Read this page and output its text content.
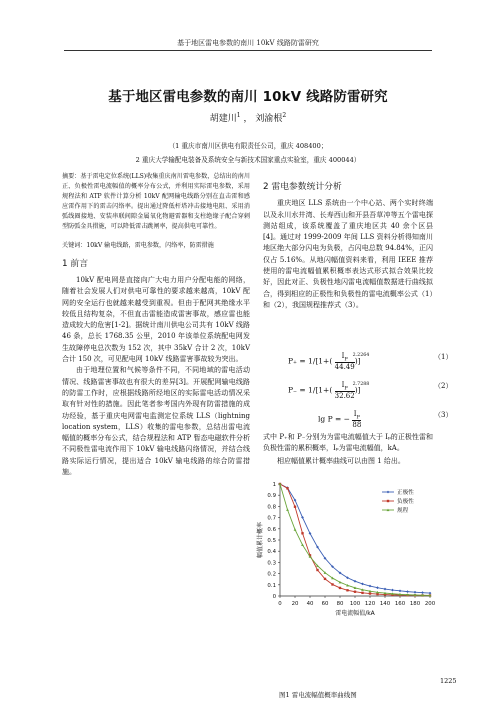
基于地区雷电参数的南川 10kV 线路防雷研究
基于地区雷电参数的南川 10kV 线路防雷研究
胡建川$^1$ ， 刘渝根$^2$
（1 重庆市南川区供电有限责任公司，重庆 408400；
2 重庆大学输配电装备及系统安全与新技术国家重点实验室，重庆 400044）

摘要：基于雷电定位系统(LLS)收集重庆南川雷电参数，总结出的南川正、负极性雷电流幅值的概率分布公式，并利用实际雷电参数，采用规程法和 ATP 软件计算分析 10kV 配网输电线路分别在直击雷和感应雷作用下的雷击闪络率。提出通过降低杆塔冲击接地电阻、采用消弧线圈接地、安装串联间隙金属氧化物避雷器和支柱绝缘子配合穿刺型防弧金具措施，可以降低雷击跳闸率，提高供电可靠性。

关键词：10kV 输电线路，雷电参数，闪络率，防雷措施

1 前言

10kV 配电网是直接向广大电力用户分配电能的网络，随着社会发展人们对供电可靠性的要求越来越高，10kV 配网的安全运行也就越来越受到重视。但由于配网其绝缘水平较低且结构复杂，不但直击雷能造成雷害事故，感应雷也能造成较大的危害[1-2]。据统计南川供电公司共有 10kV 线路 46 条，总长 1768.35 公里，2010 年该单位系统配电网发生故障停电总次数为 152 次，其中 35kV 合计 2 次，10kV 合计 150 次，可见配电网 10kV 线路雷害事故较为突出。

由于地理位置和气候等条件不同，不同地域的雷电活动情况、线路雷害事故也有很大的差异[3]。开展配网输电线路的防雷工作时，应根据线路所经地区的实际雷电活动情况采取有针对性的措施。因此笔者参考国内外现有防雷措施的成功经验，基于重庆电网雷电监测定位系统 LLS（lightning location system，LLS）收集的雷电参数，总结出雷电流幅值的概率分布公式，结合规程法和 ATP 暂态电磁软件分析不同极性雷电流作用下 10kV 输电线路闪络情况，并结合线路实际运行情况，提出适合 10kV 输电线路的综合防雷措施。

2 雷电参数统计分析

重庆地区 LLS 系统由一个中心站、两个实时终端以及永川水井湾、长寿西山和开县吾草冲等五个雷电探测站组成，该系统覆盖了重庆地区共 40 余个区县[4]。通过对 1999-2009 年间 LLS 资料分析得知南川地区绝大部分闪电为负极，占闪电总数 94.84%，正闪仅占 5.16%。从地闪幅值资料来看，利用 IEEE 推荐使用的雷电流幅值累积概率表达式形式拟合效果比较好，因此对正、负极性地闪雷电流幅值数据进行曲线拟合，得到相应的正极性和负极性的雷电流概率公式（1）和（2），我国规程推荐式（3）。

$P_+ = 1/[1+( \frac{I_P}{44.49} )]^{2.2264}$	（1）
$P_- = 1/[1+( \frac{I_P}{32.62} )]^{2.7288}$	（2）
lg P = − $\frac{I_P}{88}$	（3）

式中 P₊和 P₋分别为为雷电流幅值大于 Iₚ的正极性雷和负极性雷的累积概率，Iₚ为雷电流幅值，kA。

相应幅值累计概率曲线可以由图 1 给出。

0
0.1
0.2
0.3
0.4
0.5
0.6
0.7
0.8
0.9
1
0 20 40 60 80 100 120 140 160 180 200
雷电流幅值/kA
幅值累计概率
正极性
负极性
规程
图1 雷电流幅值概率曲线图
1225
